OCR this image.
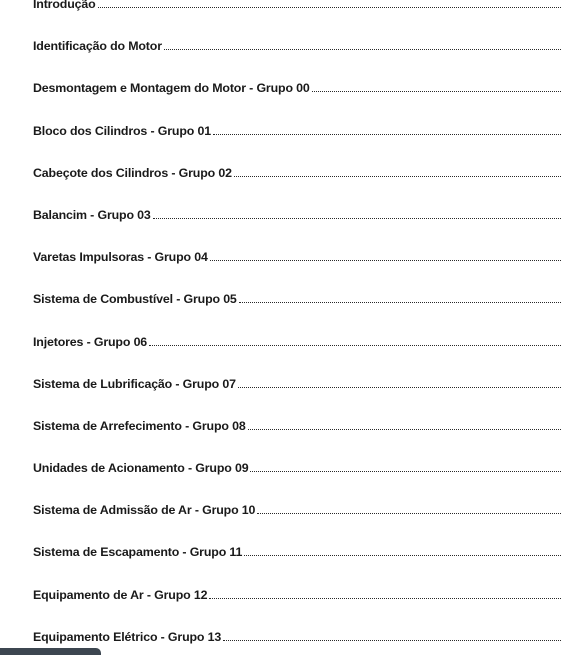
Introdução
Identificação do Motor
Desmontagem e Montagem do Motor - Grupo 00
Bloco dos Cilindros - Grupo 01
Cabeçote dos Cilindros - Grupo 02
Balancim - Grupo 03
Varetas Impulsoras - Grupo 04
Sistema de Combustível - Grupo 05
Injetores - Grupo 06
Sistema de Lubrificação - Grupo 07
Sistema de Arrefecimento - Grupo 08
Unidades de Acionamento - Grupo 09
Sistema de Admissão de Ar - Grupo 10
Sistema de Escapamento - Grupo 11
Equipamento de Ar - Grupo 12
Equipamento Elétrico - Grupo 13
